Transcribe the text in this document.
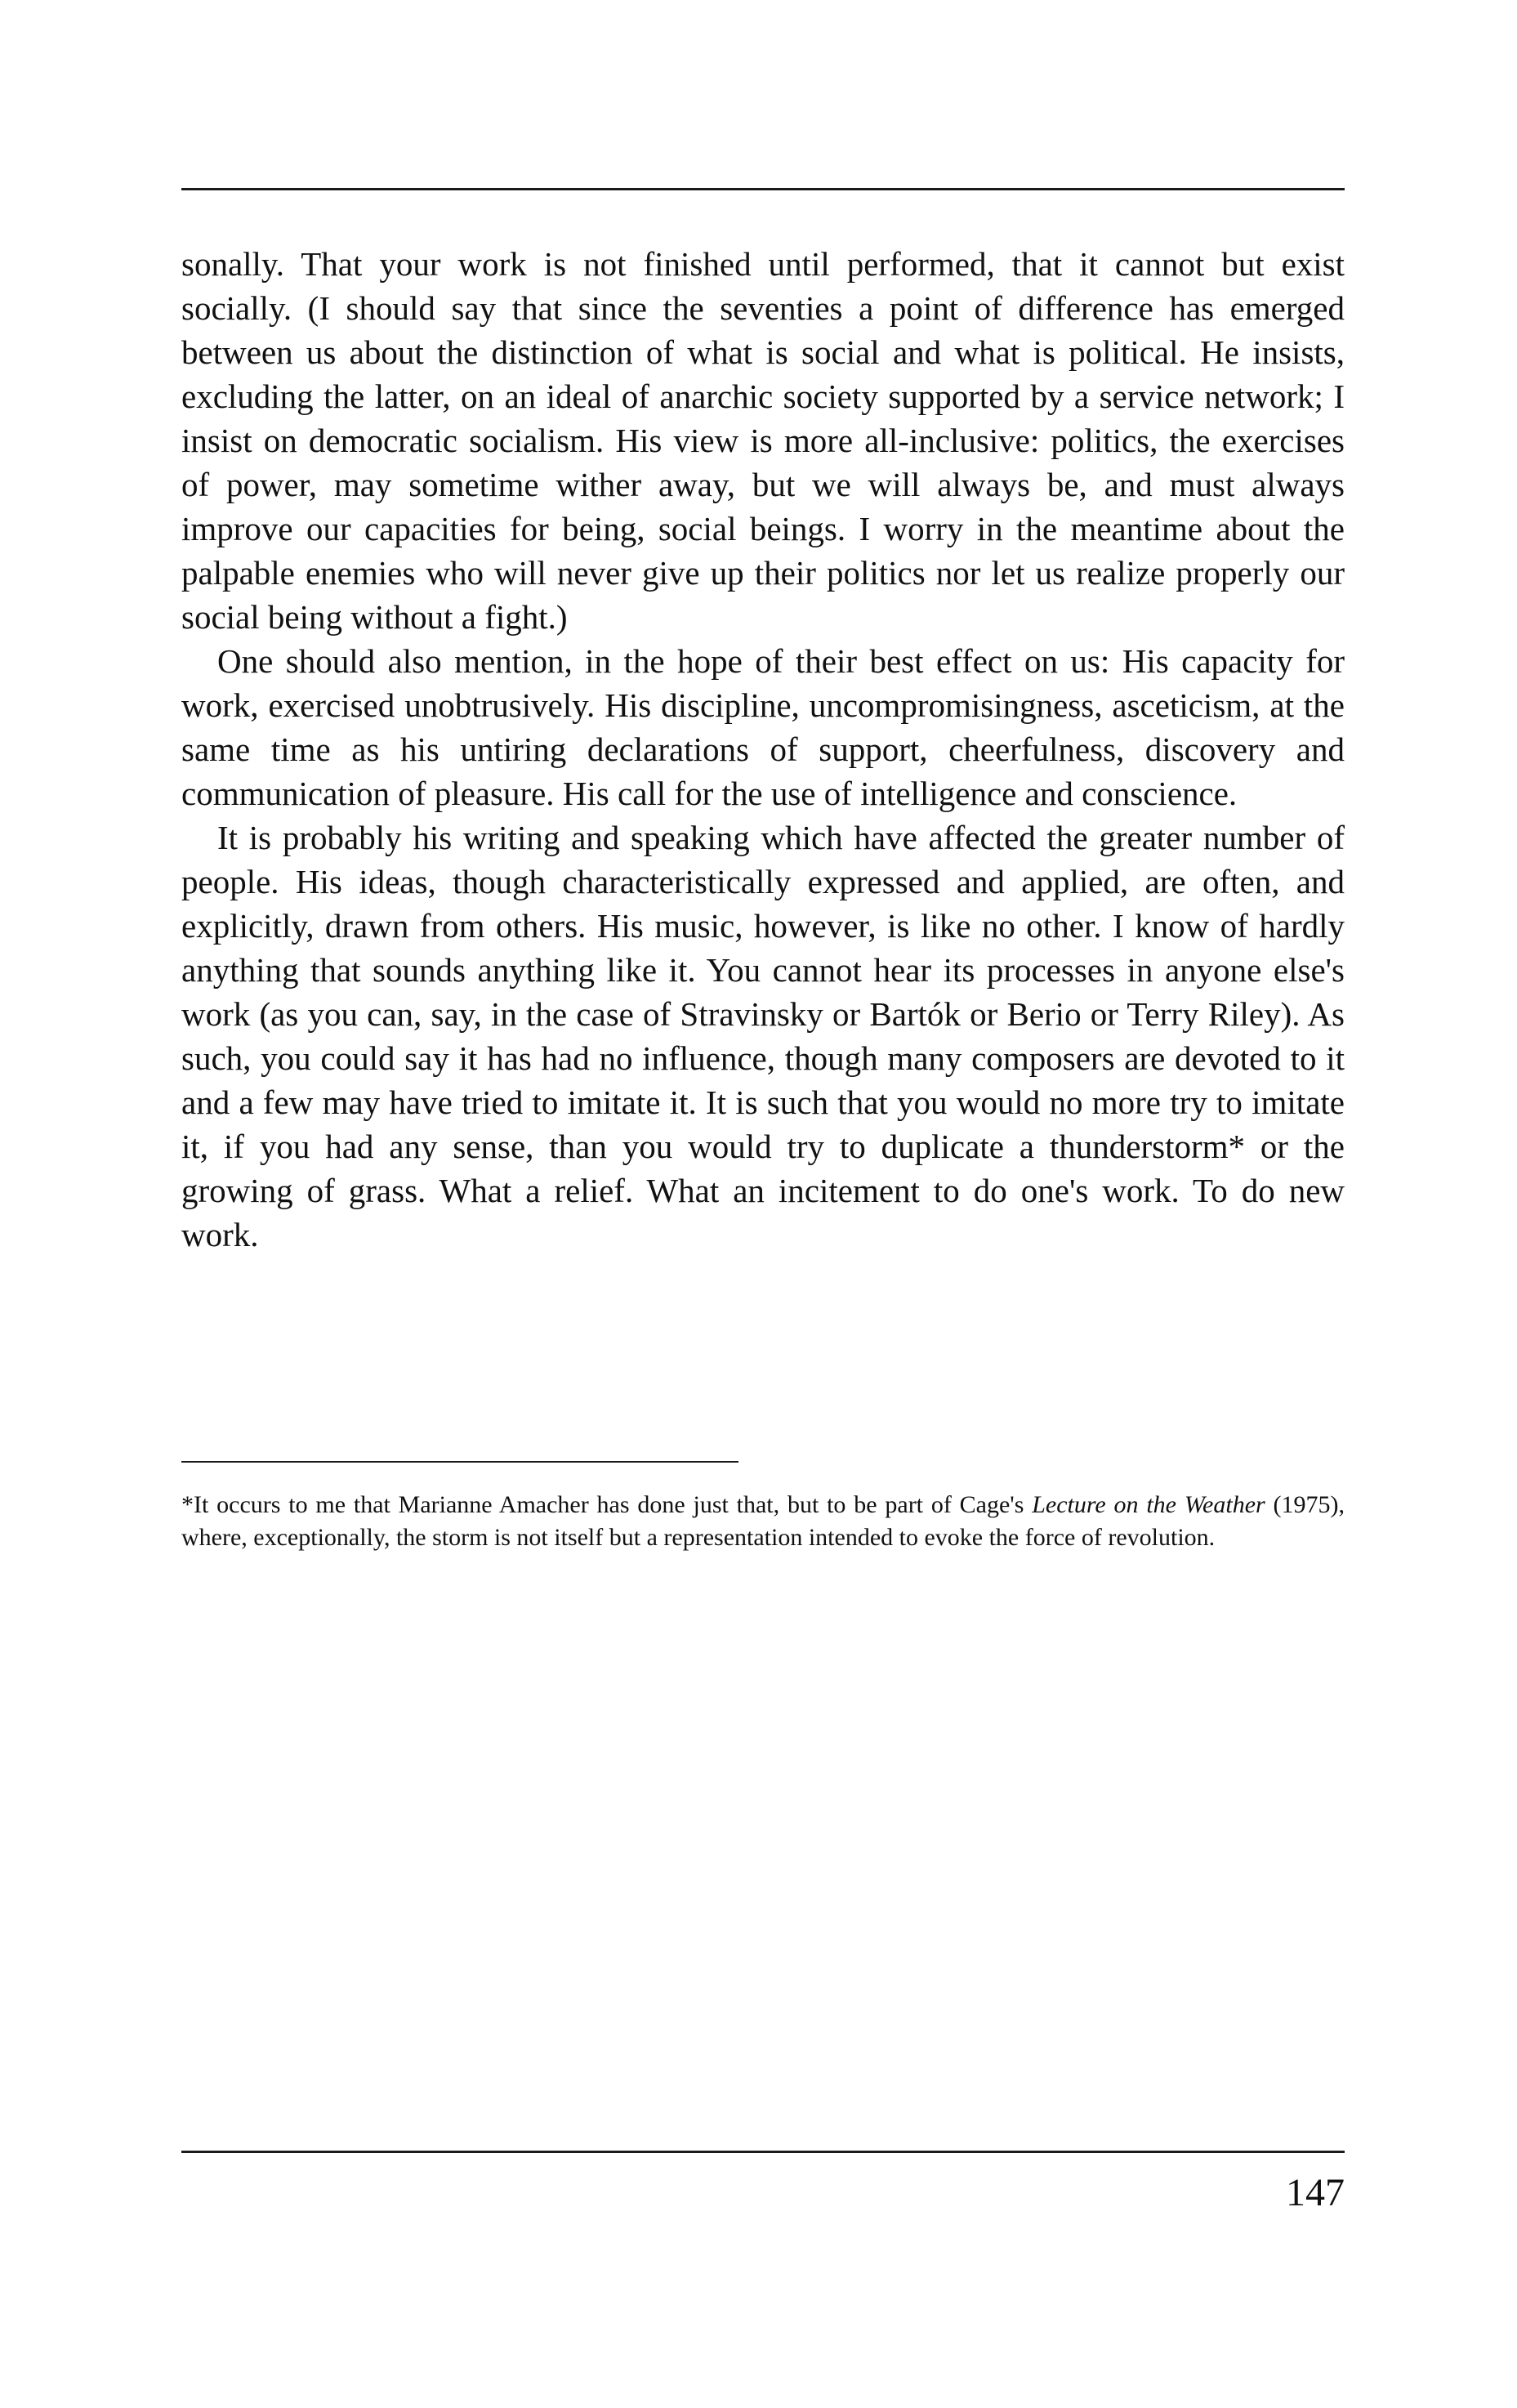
sonally. That your work is not finished until performed, that it cannot but exist socially. (I should say that since the seventies a point of difference has emerged between us about the distinction of what is social and what is political. He insists, excluding the latter, on an ideal of anarchic society supported by a service network; I insist on democratic socialism. His view is more all-inclusive: politics, the exercises of power, may sometime wither away, but we will always be, and must always improve our capacities for being, social beings. I worry in the meantime about the palpable enemies who will never give up their politics nor let us realize properly our social being without a fight.)

One should also mention, in the hope of their best effect on us: His capacity for work, exercised unobtrusively. His discipline, uncompromisingness, asceticism, at the same time as his untiring declarations of support, cheerfulness, discovery and communication of pleasure. His call for the use of intelligence and conscience.

It is probably his writing and speaking which have affected the greater number of people. His ideas, though characteristically expressed and applied, are often, and explicitly, drawn from others. His music, however, is like no other. I know of hardly anything that sounds anything like it. You cannot hear its processes in anyone else's work (as you can, say, in the case of Stravinsky or Bartók or Berio or Terry Riley). As such, you could say it has had no influence, though many composers are devoted to it and a few may have tried to imitate it. It is such that you would no more try to imitate it, if you had any sense, than you would try to duplicate a thunderstorm* or the growing of grass. What a relief. What an incitement to do one's work. To do new work.

*It occurs to me that Marianne Amacher has done just that, but to be part of Cage's Lecture on the Weather (1975), where, exceptionally, the storm is not itself but a representation intended to evoke the force of revolution.

147
